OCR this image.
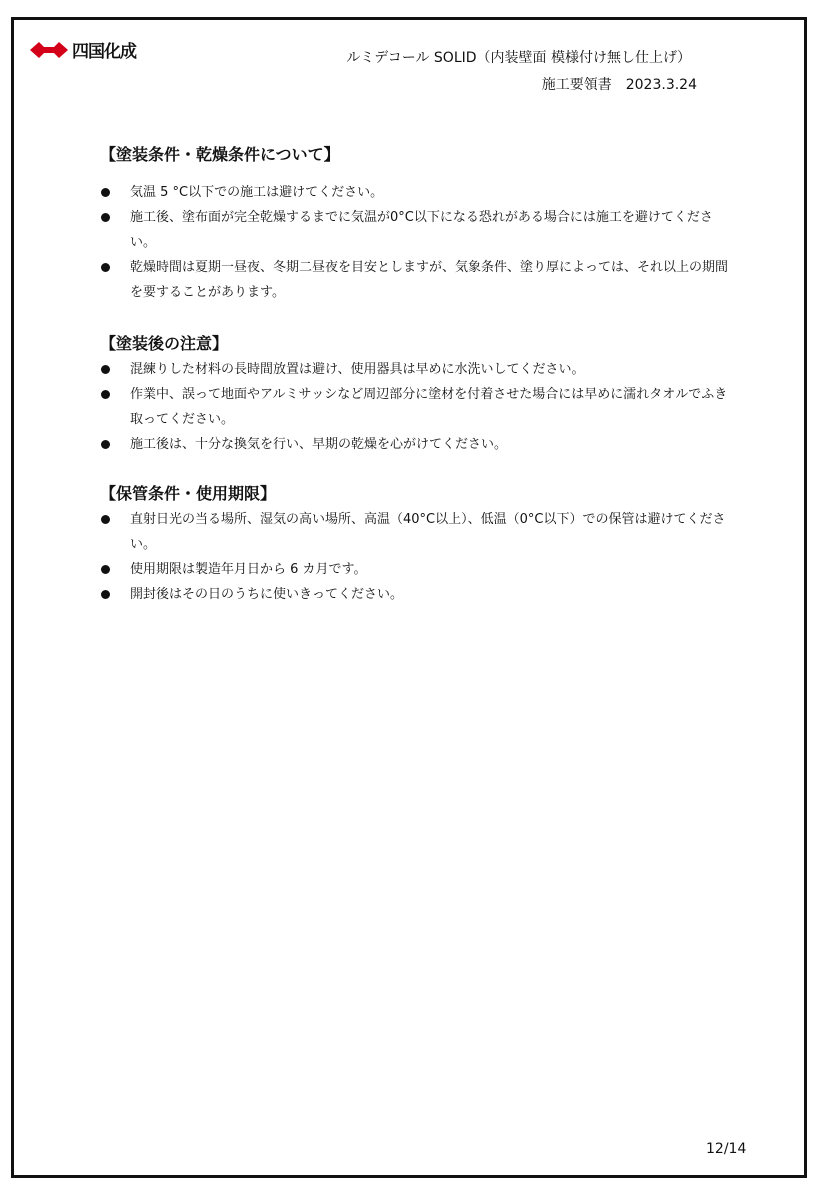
四国化成	ルミデコール SOLID（内装壁面 模様付け無し仕上げ）
施工要領書 2023.3.24
【塗装条件・乾燥条件について】
気温 5 °C以下での施工は避けてください。
施工後、塗布面が完全乾燥するまでに気温が0°C以下になる恐れがある場合には施工を避けてください。
乾燥時間は夏期一昼夜、冬期二昼夜を目安としますが、気象条件、塗り厚によっては、それ以上の期間を要することがあります。
【塗装後の注意】
混練りした材料の長時間放置は避け、使用器具は早めに水洗いしてください。
作業中、誤って地面やアルミサッシなど周辺部分に塗材を付着させた場合には早めに濡れタオルでふき取ってください。
施工後は、十分な換気を行い、早期の乾燥を心がけてください。
【保管条件・使用期限】
直射日光の当る場所、湿気の高い場所、高温（40°C以上）、低温（0°C以下）での保管は避けてください。
使用期限は製造年月日から 6 カ月です。
開封後はその日のうちに使いきってください。
12/14
